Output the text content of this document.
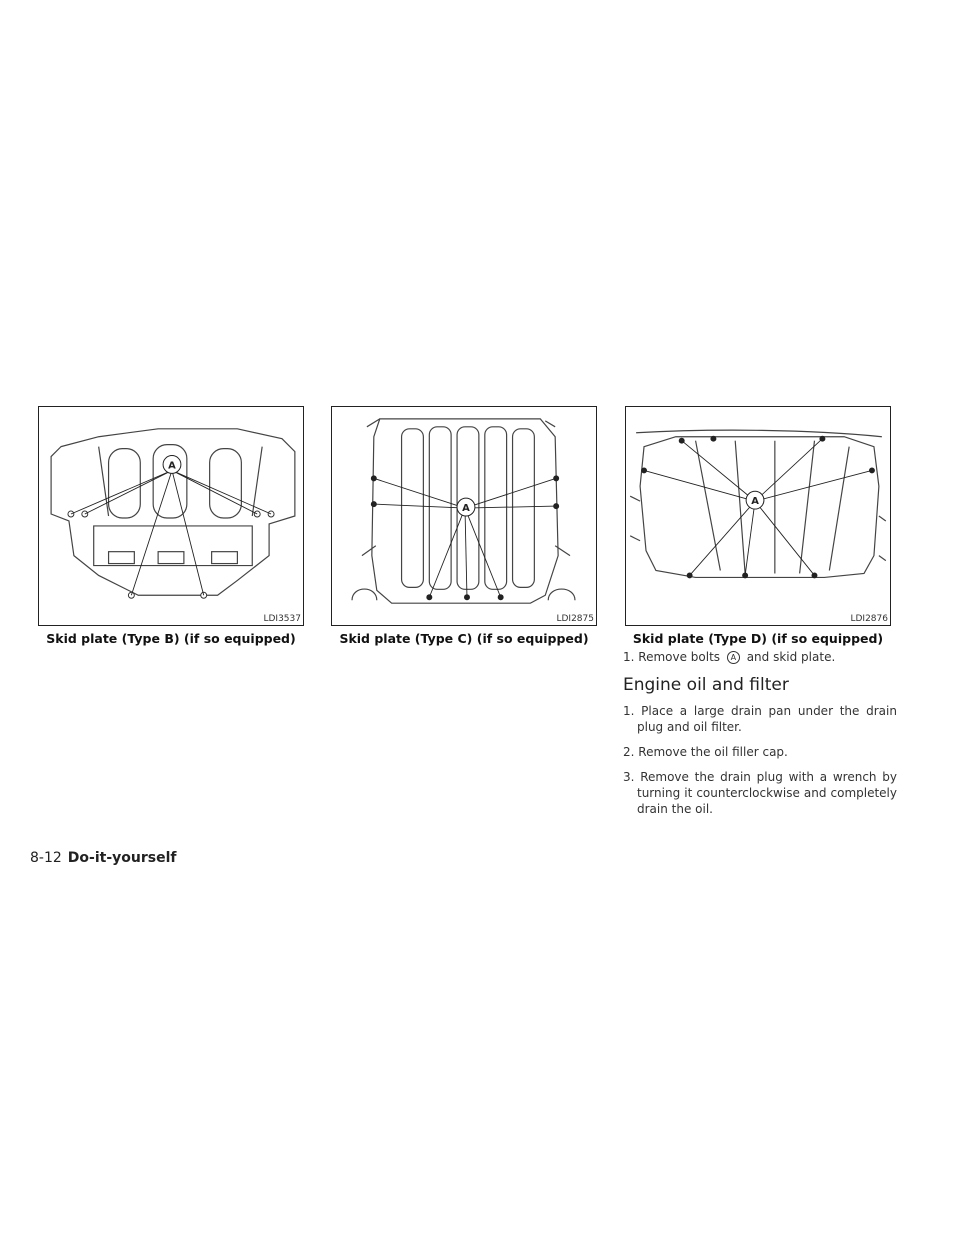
A
LDI3537
Skid plate (Type B) (if so equipped)
A
LDI2875
Skid plate (Type C) (if so equipped)
A
LDI2876
Skid plate (Type D) (if so equipped)

1. Remove bolts A and skid plate.

Engine oil and filter

1. Place a large drain pan under the drain plug and oil filter.

2. Remove the oil filler cap.

3. Remove the drain plug with a wrench by turning it counterclockwise and completely drain the oil.

8-12 Do-it-yourself
